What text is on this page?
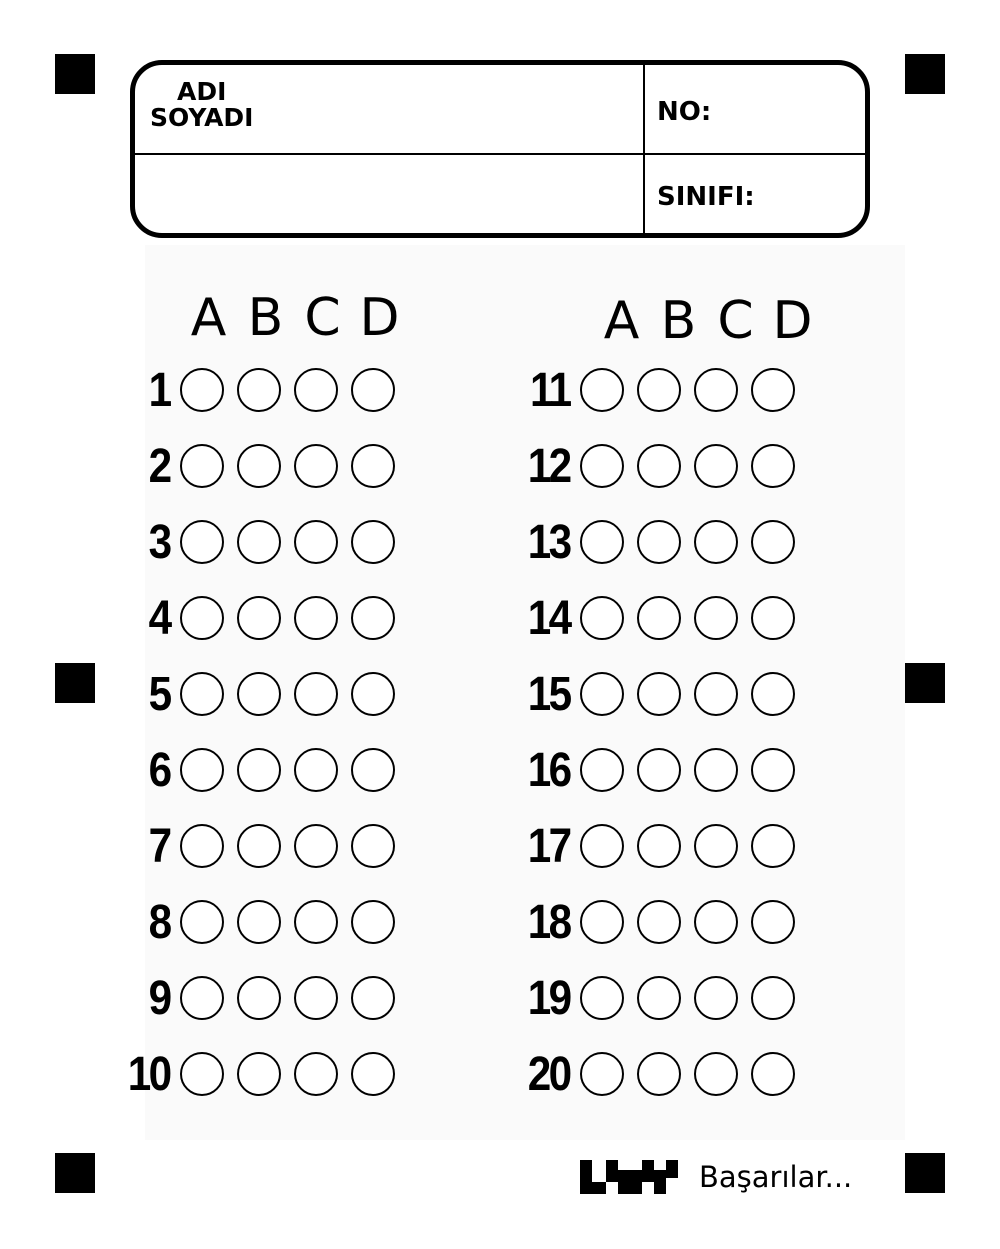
ADI
SOYADI	NO:
SINIFI:
A B C D	A B C D
1
2
3
4
5
6
7
8
9
10
11
12
13
14
15
16
17
18
19
20
Başarılar...
